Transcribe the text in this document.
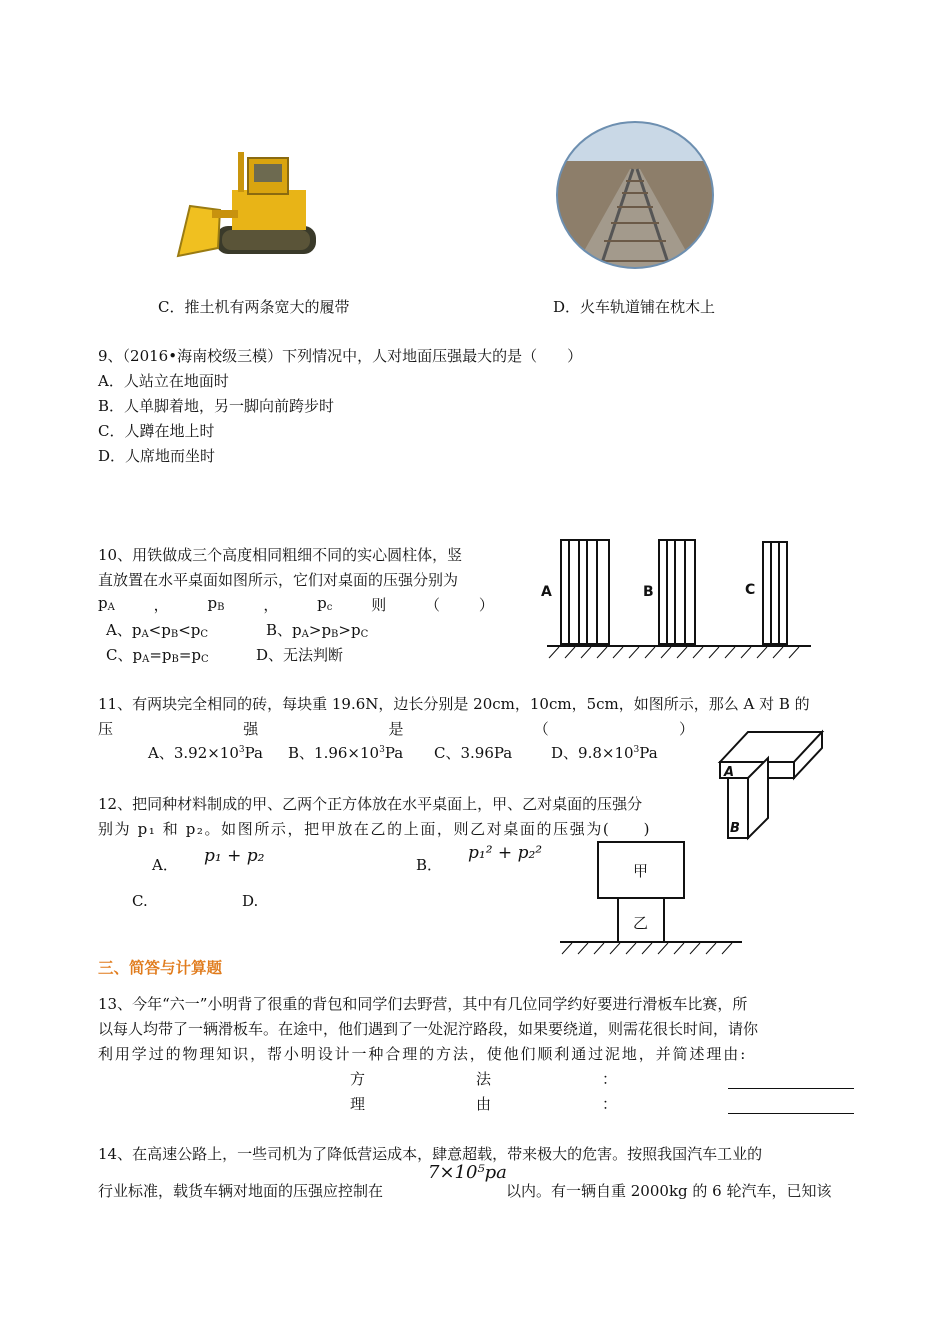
C．推土机有两条宽大的履带	D．火车轨道铺在枕木上
9、（2016•海南校级三模）下列情况中，人对地面压强最大的是（　　）
A．人站立在地面时
B．人单脚着地，另一脚向前跨步时
C．人蹲在地上时
D．人席地而坐时
10、用铁做成三个高度相同粗细不同的实心圆柱体，竖
直放置在水平桌面如图所示，它们对桌面的压强分别为
$p_A$	，	$p_B$	，	$p_c$	则	（	）
A、$p_A<p_B<p_C$	B、$p_A>p_B>p_C$
C、$p_A=p_B=p_C$	D、无法判断
A	B	C
11、有两块完全相同的砖，每块重 19.6N，边长分别是 20cm，10cm，5cm，如图所示，那么 A 对 B 的
压	强	是	（	）
A、$3.92\times 10^3Pa$ B、$1.96\times 10^3Pa$ C、3.96Pa	D、$9.8\times 10^3Pa$
A
B
12、把同种材料制成的甲、乙两个正方体放在水平桌面上，甲、乙对桌面的压强分
别为 p₁ 和 p₂。如图所示，把甲放在乙的上面，则乙对桌面的压强为(　　)
A． p₁ + p₂	B．
p₁² + p₂²
C.	D.
甲
乙
三、简答与计算题
13、今年“六一”小明背了很重的背包和同学们去野营，其中有几位同学约好要进行滑板车比赛，所
以每人均带了一辆滑板车。在途中，他们遇到了一处泥泞路段，如果要绕道，则需花很长时间，请你
利用学过的物理知识，帮小明设计一种合理的方法，使他们顺利通过泥地，并简述理由:
方	法	：
理	由	：
14、在高速公路上，一些司机为了降低营运成本，肆意超载，带来极大的危害。按照我国汽车工业的
行业标准，载货车辆对地面的压强应控制在
7×10⁵pa
以内。有一辆自重 2000kg 的 6 轮汽车，已知该
